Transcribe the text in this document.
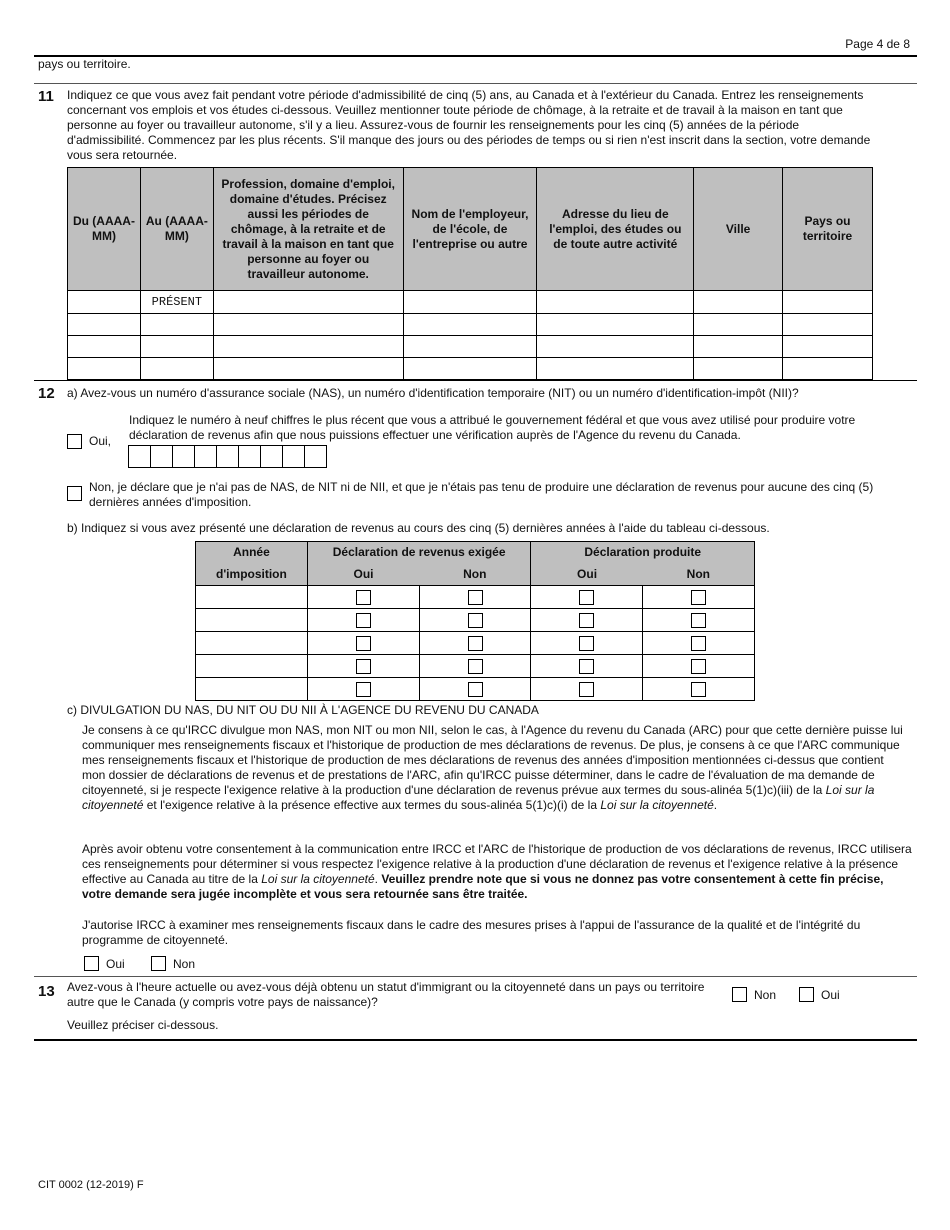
Page 4 de 8
pays ou territoire.
11 Indiquez ce que vous avez fait pendant votre période d'admissibilité de cinq (5) ans, au Canada et à l'extérieur du Canada. Entrez les renseignements concernant vos emplois et vos études ci-dessous. Veuillez mentionner toute période de chômage, à la retraite et de travail à la maison en tant que personne au foyer ou travailleur autonome, s'il y a lieu. Assurez-vous de fournir les renseignements pour les cinq (5) années de la période d'admissibilité. Commencez par les plus récents. S'il manque des jours ou des périodes de temps ou si rien n'est inscrit dans la section, votre demande vous sera retournée.
Du (AAAA-MM)	Au (AAAA-MM)	Profession, domaine d'emploi, domaine d'études. Précisez aussi les périodes de chômage, à la retraite et de travail à la maison en tant que personne au foyer ou travailleur autonome.	Nom de l'employeur, de l'école, de l'entreprise ou autre	Adresse du lieu de l'emploi, des études ou de toute autre activité	Ville	Pays ou territoire
	PRÉSENT					

12 a) Avez-vous un numéro d'assurance sociale (NAS), un numéro d'identification temporaire (NIT) ou un numéro d'identification-impôt (NII)?
Oui,
Indiquez le numéro à neuf chiffres le plus récent que vous a attribué le gouvernement fédéral et que vous avez utilisé pour produire votre déclaration de revenus afin que nous puissions effectuer une vérification auprès de l'Agence du revenu du Canada.
Non, je déclare que je n'ai pas de NAS, de NIT ni de NII, et que je n'étais pas tenu de produire une déclaration de revenus pour aucune des cinq (5) dernières années d'imposition.
b) Indiquez si vous avez présenté une déclaration de revenus au cours des cinq (5) dernières années à l'aide du tableau ci-dessous.
Année	Déclaration de revenus exigée		Déclaration produite	
d'imposition	Oui	Non	Oui	Non

c) DIVULGATION DU NAS, DU NIT OU DU NII À L'AGENCE DU REVENU DU CANADA
Je consens à ce qu'IRCC divulgue mon NAS, mon NIT ou mon NII, selon le cas, à l'Agence du revenu du Canada (ARC) pour que cette dernière puisse lui communiquer mes renseignements fiscaux et l'historique de production de mes déclarations de revenus. De plus, je consens à ce que l'ARC communique mes renseignements fiscaux et l'historique de production de mes déclarations de revenus des années d'imposition mentionnées ci-dessus que contient mon dossier de déclarations de revenus et de prestations de l'ARC, afin qu'IRCC puisse déterminer, dans le cadre de l'évaluation de ma demande de citoyenneté, si je respecte l'exigence relative à la production d'une déclaration de revenus prévue aux termes du sous-alinéa 5(1)c)(iii) de la Loi sur la citoyenneté et l'exigence relative à la présence effective aux termes du sous-alinéa 5(1)c)(i) de la Loi sur la citoyenneté.
Après avoir obtenu votre consentement à la communication entre IRCC et l'ARC de l'historique de production de vos déclarations de revenus, IRCC utilisera ces renseignements pour déterminer si vous respectez l'exigence relative à la production d'une déclaration de revenus et l'exigence relative à la présence effective au Canada au titre de la Loi sur la citoyenneté. Veuillez prendre note que si vous ne donnez pas votre consentement à cette fin précise, votre demande sera jugée incomplète et vous sera retournée sans être traitée.
J'autorise IRCC à examiner mes renseignements fiscaux dans le cadre des mesures prises à l'appui de l'assurance de la qualité et de l'intégrité du programme de citoyenneté.
Oui	Non
13 Avez-vous à l'heure actuelle ou avez-vous déjà obtenu un statut d'immigrant ou la citoyenneté dans un pays ou territoire autre que le Canada (y compris votre pays de naissance)?	Non	Oui
Veuillez préciser ci-dessous.
CIT 0002 (12-2019) F
